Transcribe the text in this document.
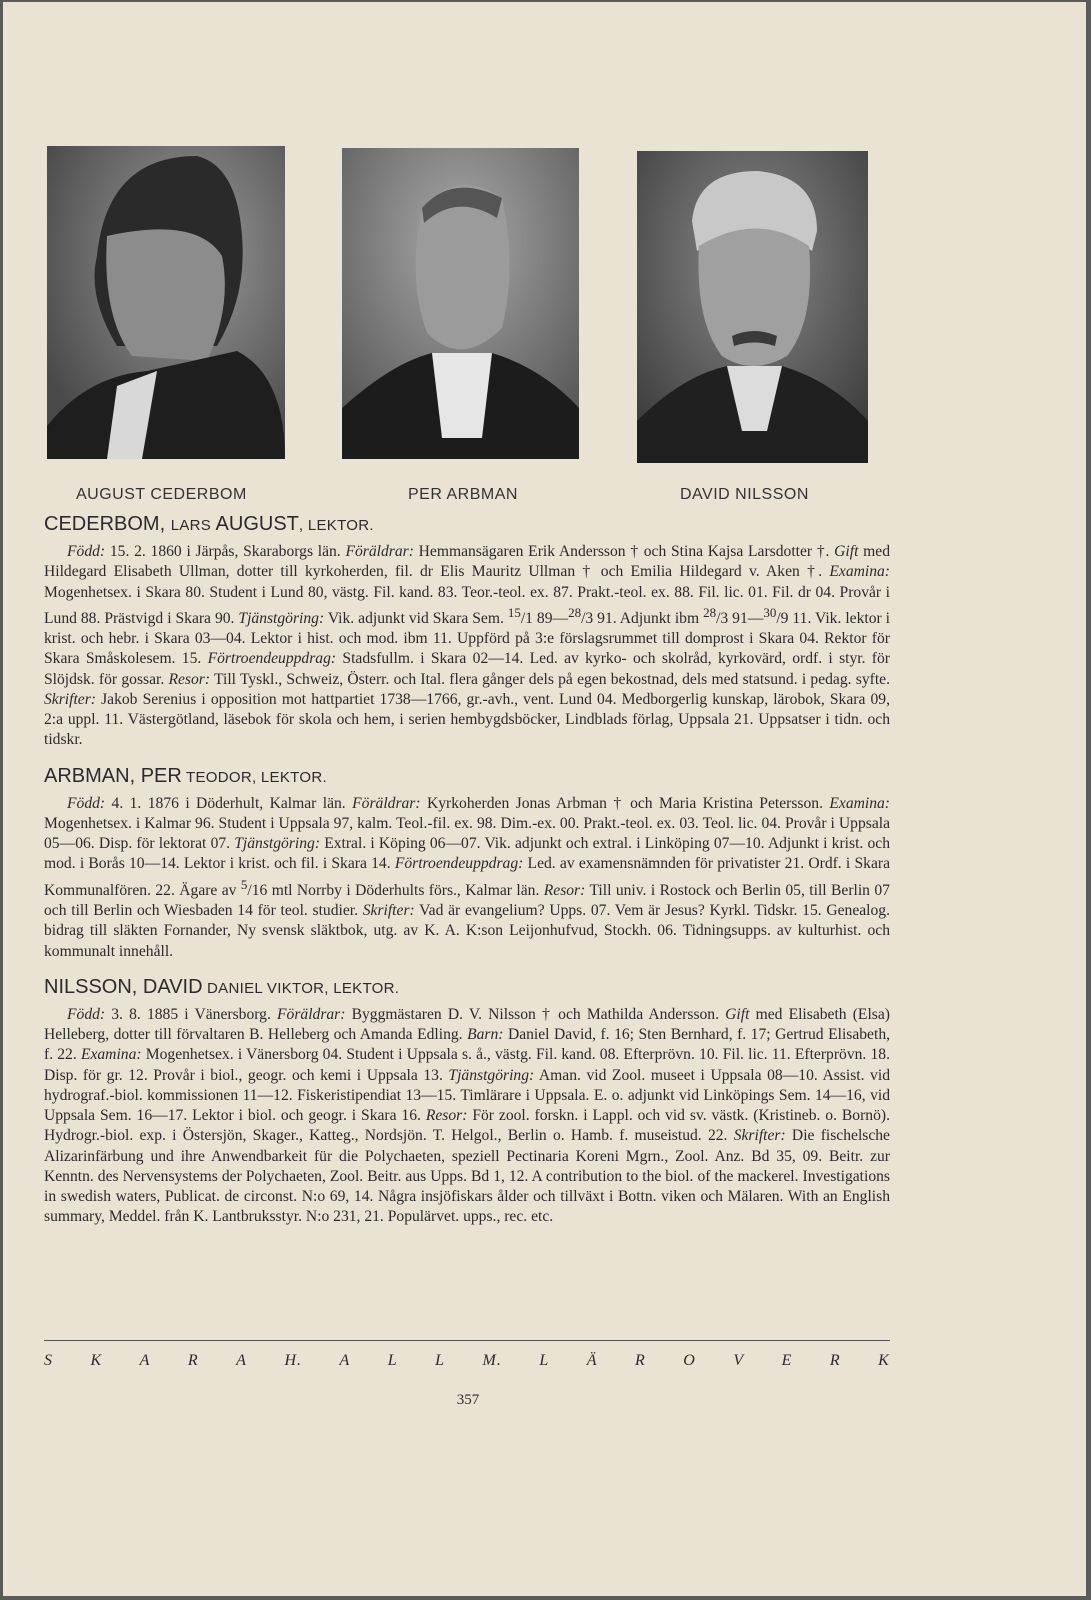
AUGUST CEDERBOM	PER ARBMAN	DAVID NILSSON
CEDERBOM, LARS AUGUST, LEKTOR.
Född: 15. 2. 1860 i Järpås, Skaraborgs län. Föräldrar: Hemmansägaren Erik Andersson † och Stina Kajsa Larsdotter †. Gift med Hildegard Elisabeth Ullman, dotter till kyrkoherden, fil. dr Elis Mauritz Ullman † och Emilia Hildegard v. Aken †. Examina: Mogenhetsex. i Skara 80. Student i Lund 80, västg. Fil. kand. 83. Teor.-teol. ex. 87. Prakt.-teol. ex. 88. Fil. lic. 01. Fil. dr 04. Provår i Lund 88. Prästvigd i Skara 90. Tjänstgöring: Vik. adjunkt vid Skara Sem. $^{15}$/1 89—$^{28}$/3 91. Adjunkt ibm $^{28}$/3 91—$^{30}$/9 11. Vik. lektor i krist. och hebr. i Skara 03—04. Lektor i hist. och mod. ibm 11. Uppförd på 3:e förslagsrummet till domprost i Skara 04. Rektor för Skara Småskolesem. 15. Förtroendeuppdrag: Stadsfullm. i Skara 02—14. Led. av kyrko- och skolråd, kyrkovärd, ordf. i styr. för Slöjdsk. för gossar. Resor: Till Tyskl., Schweiz, Österr. och Ital. flera gånger dels på egen bekostnad, dels med statsund. i pedag. syfte. Skrifter: Jakob Serenius i opposition mot hattpartiet 1738—1766, gr.-avh., vent. Lund 04. Medborgerlig kunskap, lärobok, Skara 09, 2:a uppl. 11. Västergötland, läsebok för skola och hem, i serien hembygdsböcker, Lindblads förlag, Uppsala 21. Uppsatser i tidn. och tidskr.
ARBMAN, PER TEODOR, LEKTOR.
Född: 4. 1. 1876 i Döderhult, Kalmar län. Föräldrar: Kyrkoherden Jonas Arbman † och Maria Kristina Petersson. Examina: Mogenhetsex. i Kalmar 96. Student i Uppsala 97, kalm. Teol.-fil. ex. 98. Dim.-ex. 00. Prakt.-teol. ex. 03. Teol. lic. 04. Provår i Uppsala 05—06. Disp. för lektorat 07. Tjänstgöring: Extral. i Köping 06—07. Vik. adjunkt och extral. i Linköping 07—10. Adjunkt i krist. och mod. i Borås 10—14. Lektor i krist. och fil. i Skara 14. Förtroendeuppdrag: Led. av examensnämnden för privatister 21. Ordf. i Skara Kommunalfören. 22. Ägare av $^5$/16 mtl Norrby i Döderhults förs., Kalmar län. Resor: Till univ. i Rostock och Berlin 05, till Berlin 07 och till Berlin och Wiesbaden 14 för teol. studier. Skrifter: Vad är evangelium? Upps. 07. Vem är Jesus? Kyrkl. Tidskr. 15. Genealog. bidrag till släkten Fornander, Ny svensk släktbok, utg. av K. A. K:son Leijonhufvud, Stockh. 06. Tidningsupps. av kulturhist. och kommunalt innehåll.
NILSSON, DAVID DANIEL VIKTOR, LEKTOR.
Född: 3. 8. 1885 i Vänersborg. Föräldrar: Byggmästaren D. V. Nilsson † och Mathilda Andersson. Gift med Elisabeth (Elsa) Helleberg, dotter till förvaltaren B. Helleberg och Amanda Edling. Barn: Daniel David, f. 16; Sten Bernhard, f. 17; Gertrud Elisabeth, f. 22. Examina: Mogenhetsex. i Vänersborg 04. Student i Uppsala s. å., västg. Fil. kand. 08. Efterprövn. 10. Fil. lic. 11. Efterprövn. 18. Disp. för gr. 12. Provår i biol., geogr. och kemi i Uppsala 13. Tjänstgöring: Aman. vid Zool. museet i Uppsala 08—10. Assist. vid hydrograf.-biol. kommissionen 11—12. Fiskeristipendiat 13—15. Timlärare i Uppsala. E. o. adjunkt vid Linköpings Sem. 14—16, vid Uppsala Sem. 16—17. Lektor i biol. och geogr. i Skara 16. Resor: För zool. forskn. i Lappl. och vid sv. västk. (Kristineb. o. Bornö). Hydrogr.-biol. exp. i Östersjön, Skager., Katteg., Nordsjön. T. Helgol., Berlin o. Hamb. f. museistud. 22. Skrifter: Die fischelsche Alizarinfärbung und ihre Anwendbarkeit für die Polychaeten, speziell Pectinaria Koreni Mgrn., Zool. Anz. Bd 35, 09. Beitr. zur Kenntn. des Nervensystems der Polychaeten, Zool. Beitr. aus Upps. Bd 1, 12. A contribution to the biol. of the mackerel. Investigations in swedish waters, Publicat. de circonst. N:o 69, 14. Några insjöfiskars ålder och tillväxt i Bottn. viken och Mälaren. With an English summary, Meddel. från K. Lantbruksstyr. N:o 231, 21. Populärvet. upps., rec. etc.
S K A R A H. A L L M. L Ä R O V E R K
357
